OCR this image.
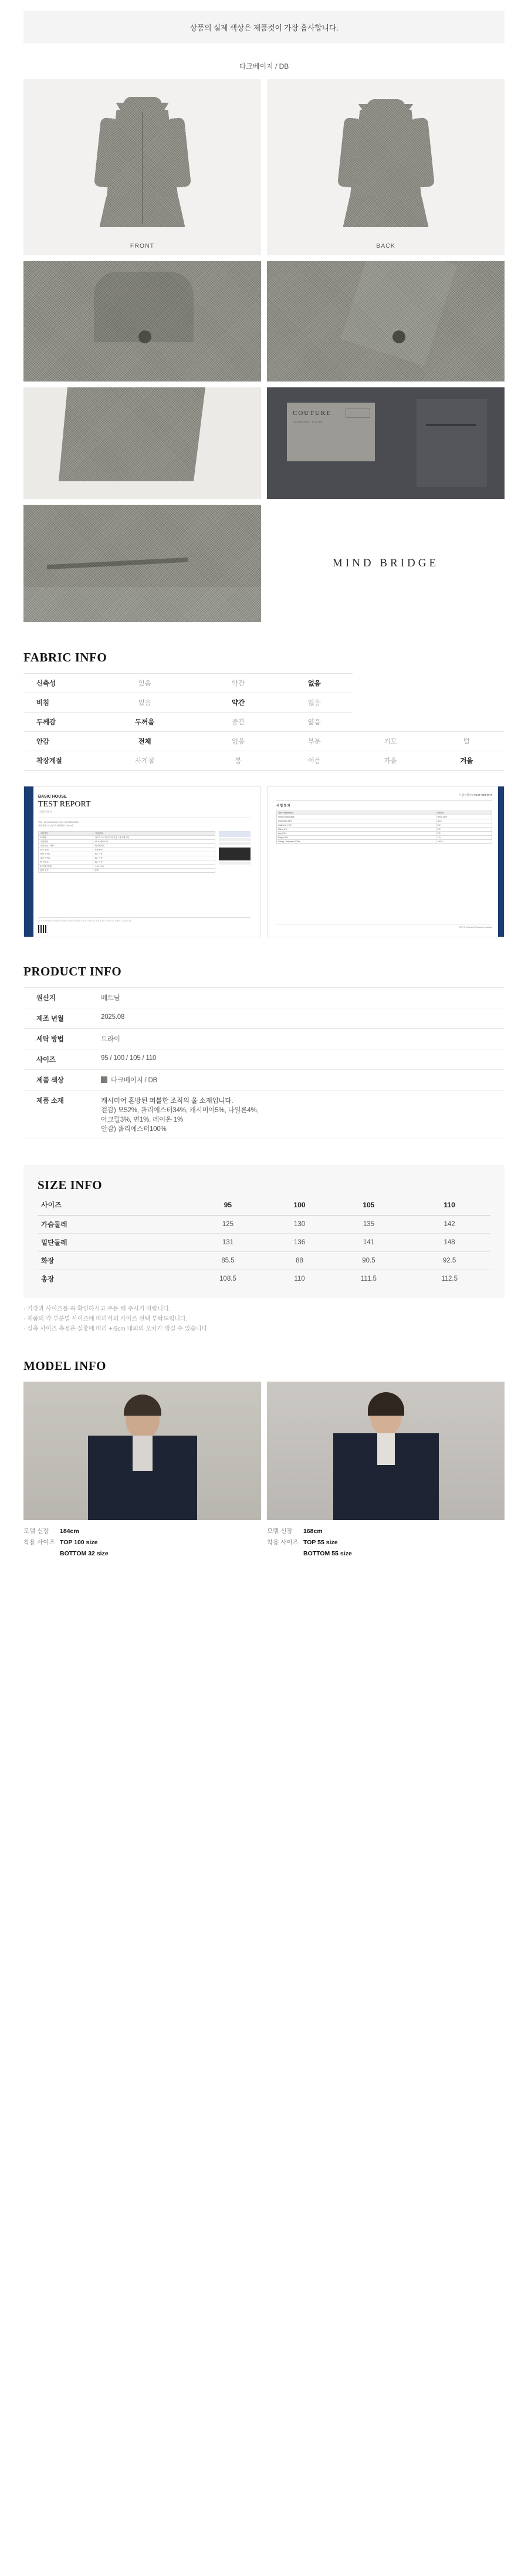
상품의 실제 색상은 제품컷이 가장 흡사합니다.
다크베이지 / DB
FRONT	BACK
COUTURE
CASHMERE BLEND
MIND BRIDGE
FABRIC INFO
신축성	있음	약간	없음		
비침	있음	약간	없음		
두께감	두꺼움	중간	얇음		
안감	전체	없음	부분	기모	털
착장계절	사계절	봄	여름	가을	겨울
BASIC HOUSE
TEST REPORT
시험성적서
TEL : 02-0000-0000 FAX : 02-0000-0000
서울특별시 강남구 테헤란로 000 0층
시험항목	시험결과
소재명	기모우드 / 캐시미어 혼방 / 폴리에스터
시험방법	KS K ISO 105
시험기준 : 세탁	세탁견뢰도
건조 방법	자연건조
마찰 견뢰도	4급 이상
일광 견뢰도	4급 이상
땀 견뢰도	4급 이상
수축률(경/위)	-1.0 / -1.0
접착 강도	양호
본 시험 성적서는 의뢰인이 제출한 시료에 한하여 시험한 결과이며, 상업적 광고 목적으로 사용할 수 없습니다.
시험성적서 / TEST REPORT
시 험 결 과
Test Parameters	Result
Fiber composition	Wool 52%
Polyester 34%	34.0
Cashmere 5%	5.0
Nylon 4%	4.0
Acryl 3%	3.0
Rayon 1%	1.0
Lining : Polyester 100%	100.0
KOTITI Testing & Research Institute
PRODUCT INFO
원산지	베트남
제조 년월	2025.08
세탁 방법	드라이
사이즈	95 / 100 / 105 / 110
제품 색상	다크베이지 / DB
제품 소재	캐시미어 혼방된 퍼블한 조직의 울 소재입니다.
겉감) 모52%, 폴리에스터34%, 캐시미어5%, 나일론4%,
아크릴3%, 면1%, 레이온 1%
안감) 폴리에스터100%
SIZE INFO
사이즈	95	100	105	110
가슴둘레	125	130	135	142
밑단둘레	131	136	141	148
화장	85.5	88	90.5	92.5
총장	108.5	110	111.5	112.5
- 기장과 사이즈를 꼭 확인하시고 주문 해 주시기 바랍니다.
- 제품의 각 부분별 사이즈에 따라서의 사이즈 선택 부탁드립니다.
- 실측 사이즈 측정은 실좋에 따라 +-5cm 내외의 오차가 생길 수 있습니다.
MODEL INFO
모델 신장	184cm
착용 사이즈 TOP 100 size
BOTTOM 32 size
모델 신장	168cm
착용 사이즈 TOP 55 size
BOTTOM 55 size
